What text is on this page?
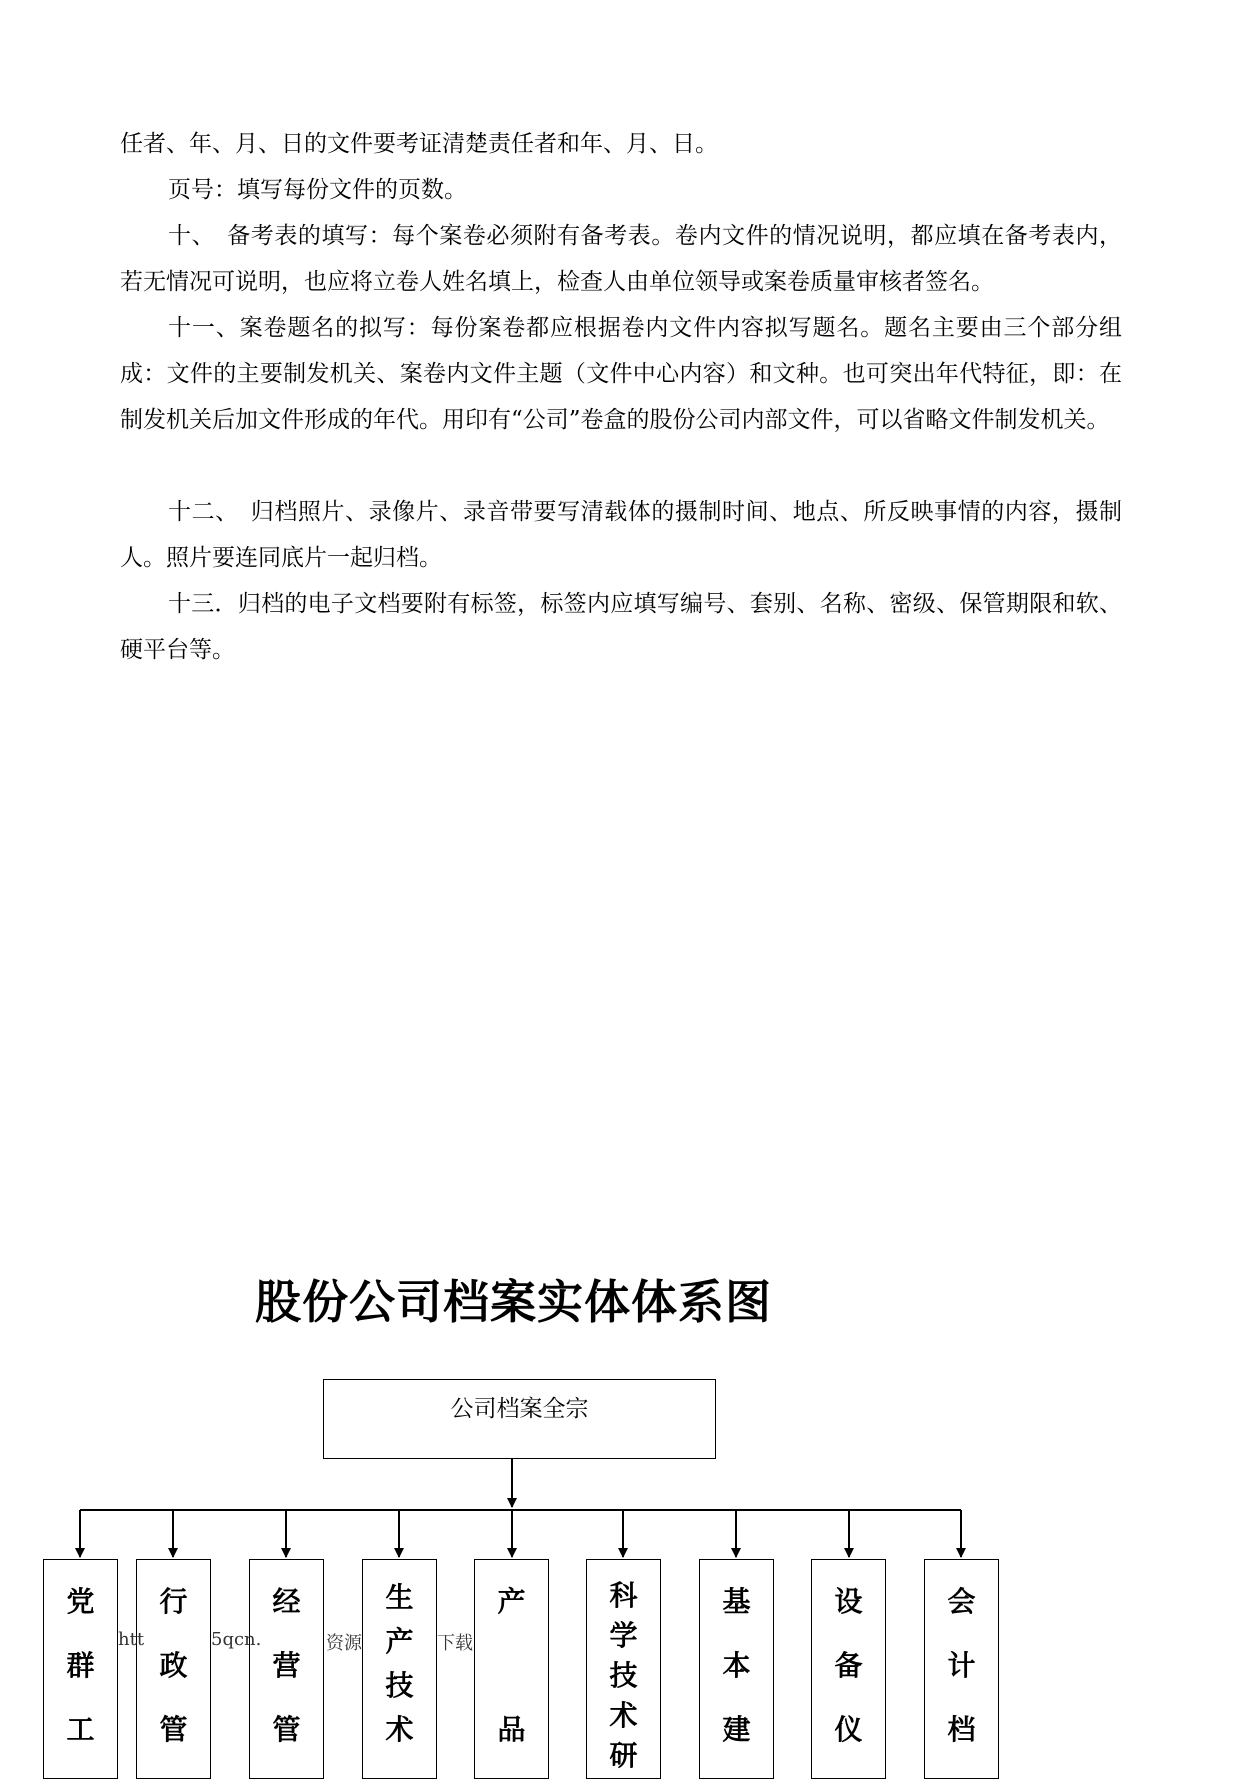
任者、年、月、日的文件要考证清楚责任者和年、月、日。

页号：填写每份文件的页数。

十、　备考表的填写：每个案卷必须附有备考表。卷内文件的情况说明，都应填在备考表内，若无情况可说明，也应将立卷人姓名填上，检查人由单位领导或案卷质量审核者签名。

十一、案卷题名的拟写：每份案卷都应根据卷内文件内容拟写题名。题名主要由三个部分组成：文件的主要制发机关、案卷内文件主题（文件中心内容）和文种。也可突出年代特征，即：在制发机关后加文件形成的年代。用印有“公司”卷盒的股份公司内部文件，可以省略文件制发机关。

十二、　归档照片、录像片、录音带要写清载体的摄制时间、地点、所反映事情的内容，摄制人。照片要连同底片一起归档。

十三．归档的电子文档要附有标签，标签内应填写编号、套别、名称、密级、保管期限和软、硬平台等。

股份公司档案实体体系图
公司档案全宗
党
群
工
行
政
管
经
营
管
生
产
技
术
产
品
科
学
技
术
研
基
本
建
设
备
仪
会
计
档
htt	5qcn.	资源	下载
